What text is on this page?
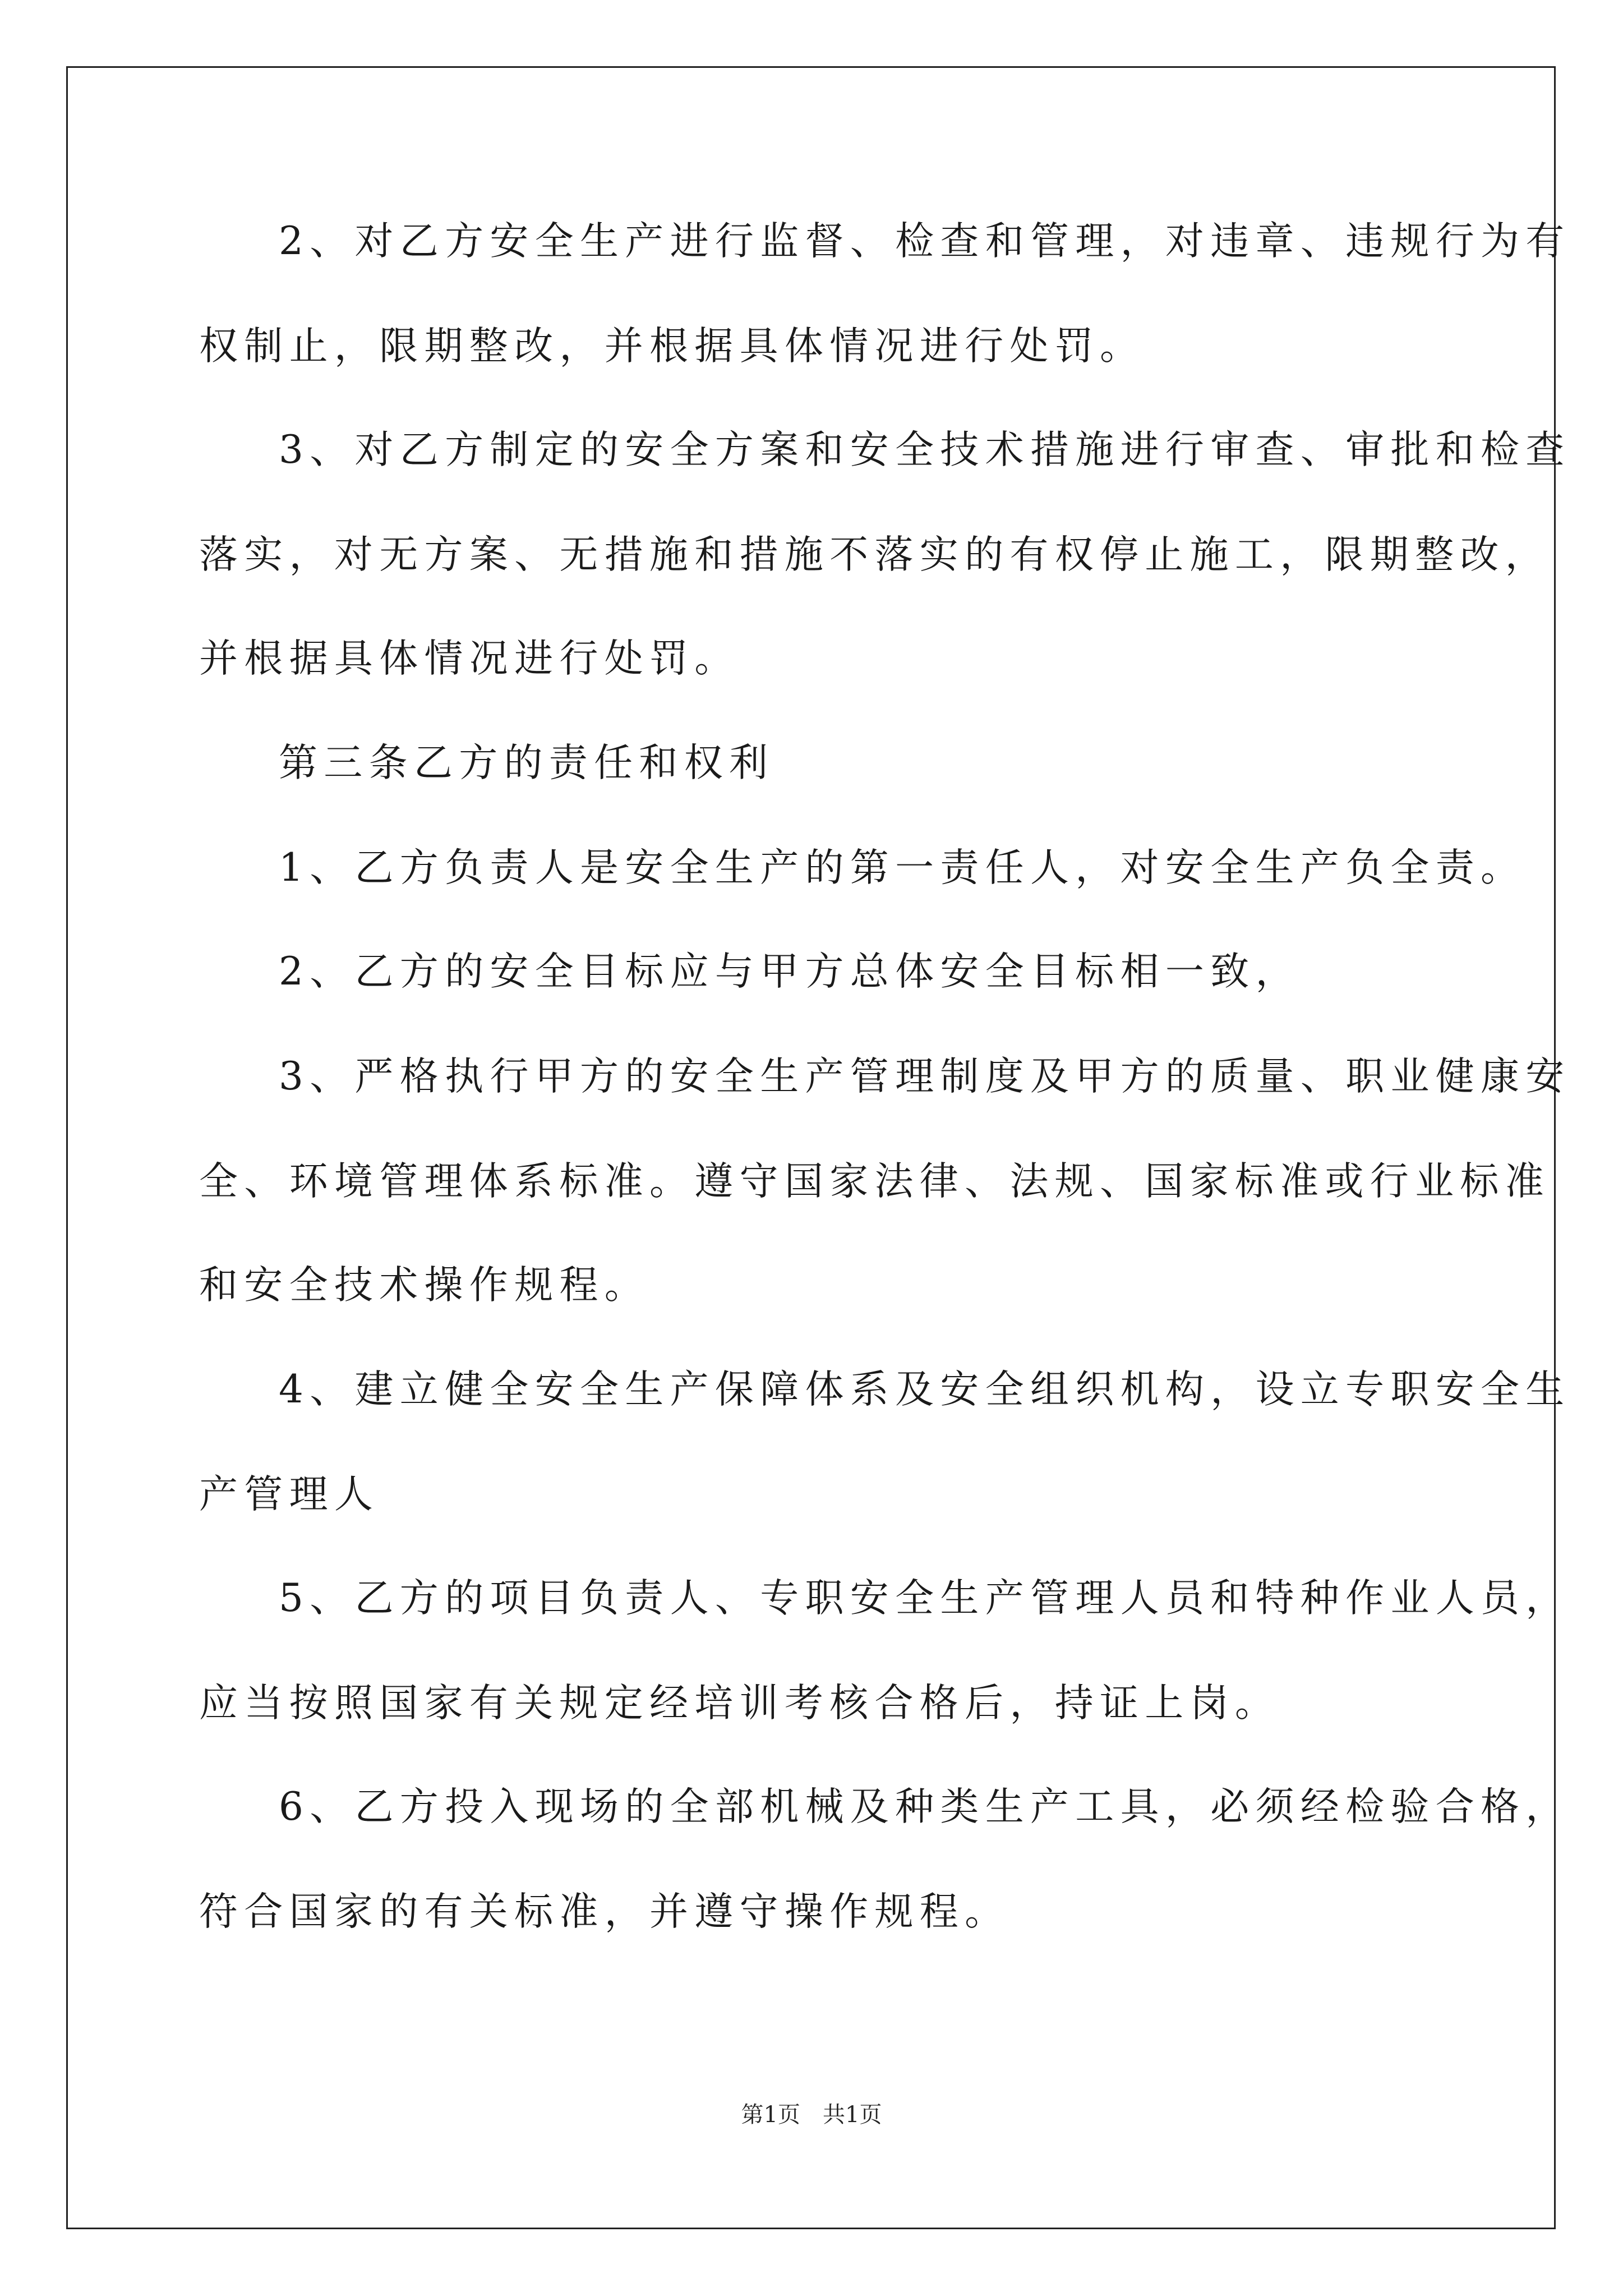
2、对乙方安全生产进行监督、检查和管理，对违章、违规行为有
权制止，限期整改，并根据具体情况进行处罚。
3、对乙方制定的安全方案和安全技术措施进行审查、审批和检查
落实，对无方案、无措施和措施不落实的有权停止施工，限期整改，
并根据具体情况进行处罚。
第三条乙方的责任和权利
1、乙方负责人是安全生产的第一责任人，对安全生产负全责。
2、乙方的安全目标应与甲方总体安全目标相一致，
3、严格执行甲方的安全生产管理制度及甲方的质量、职业健康安
全、环境管理体系标准。遵守国家法律、法规、国家标准或行业标准
和安全技术操作规程。
4、建立健全安全生产保障体系及安全组织机构，设立专职安全生
产管理人
5、乙方的项目负责人、专职安全生产管理人员和特种作业人员，
应当按照国家有关规定经培训考核合格后，持证上岗。
6、乙方投入现场的全部机械及种类生产工具，必须经检验合格，
符合国家的有关标准，并遵守操作规程。
第1页 共1页
